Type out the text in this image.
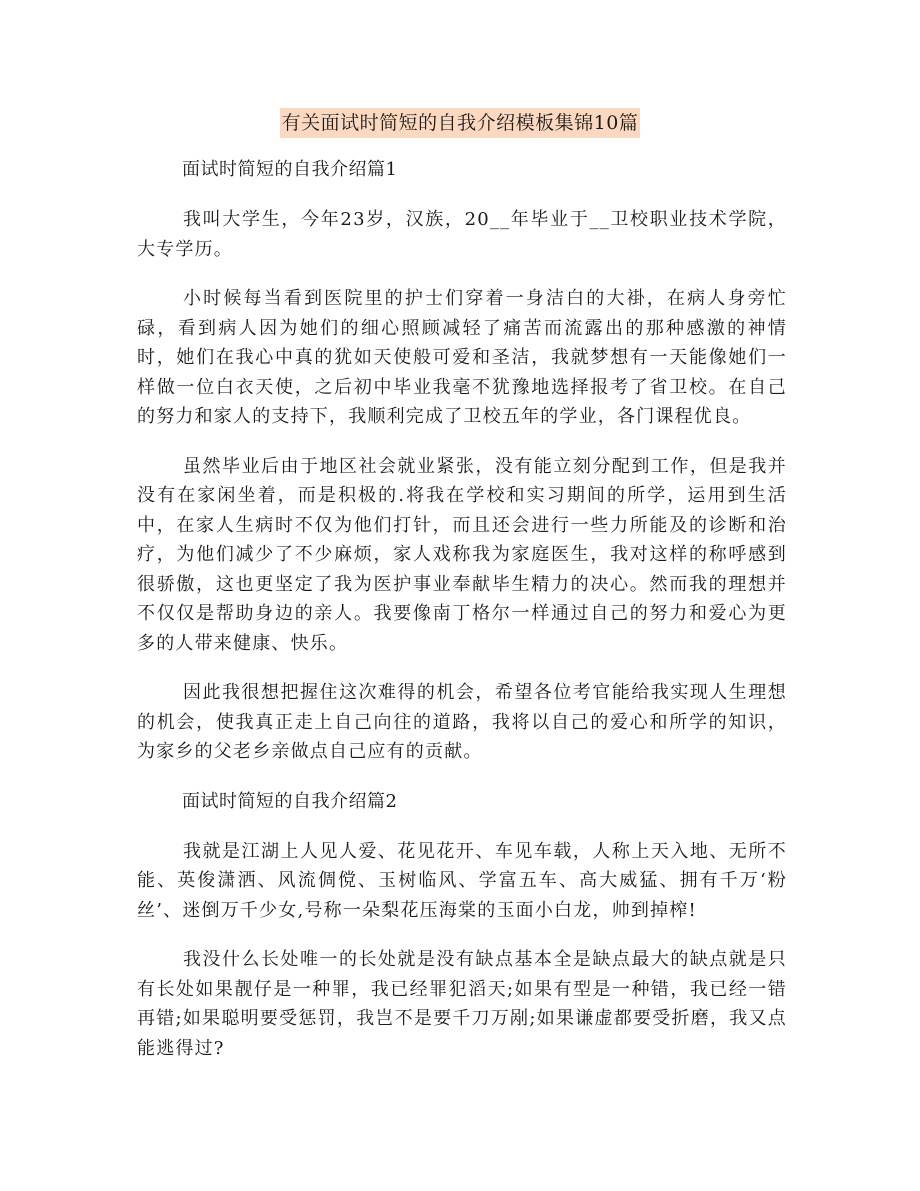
有关面试时简短的自我介绍模板集锦10篇
面试时简短的自我介绍篇1

我叫大学生，今年23岁，汉族，20__年毕业于__卫校职业技术学院，大专学历。

小时候每当看到医院里的护士们穿着一身洁白的大褂，在病人身旁忙碌，看到病人因为她们的细心照顾减轻了痛苦而流露出的那种感激的神情时，她们在我心中真的犹如天使般可爱和圣洁，我就梦想有一天能像她们一样做一位白衣天使，之后初中毕业我毫不犹豫地选择报考了省卫校。在自己的努力和家人的支持下，我顺利完成了卫校五年的学业，各门课程优良。

虽然毕业后由于地区社会就业紧张，没有能立刻分配到工作，但是我并没有在家闲坐着，而是积极的.将我在学校和实习期间的所学，运用到生活中，在家人生病时不仅为他们打针，而且还会进行一些力所能及的诊断和治疗，为他们减少了不少麻烦，家人戏称我为家庭医生，我对这样的称呼感到很骄傲，这也更坚定了我为医护事业奉献毕生精力的决心。然而我的理想并不仅仅是帮助身边的亲人。我要像南丁格尔一样通过自己的努力和爱心为更多的人带来健康、快乐。

因此我很想把握住这次难得的机会，希望各位考官能给我实现人生理想的机会，使我真正走上自己向往的道路，我将以自己的爱心和所学的知识，为家乡的父老乡亲做点自己应有的贡献。

面试时简短的自我介绍篇2

我就是江湖上人见人爱、花见花开、车见车载，人称上天入地、无所不能、英俊潇洒、风流倜傥、玉树临风、学富五车、高大威猛、拥有千万‘粉丝’、迷倒万千少女,号称一朵梨花压海棠的玉面小白龙，帅到掉榨!

我没什么长处唯一的长处就是没有缺点基本全是缺点最大的缺点就是只有长处如果靓仔是一种罪，我已经罪犯滔天;如果有型是一种错，我已经一错再错;如果聪明要受惩罚，我岂不是要千刀万剐;如果谦虚都要受折磨，我又点能逃得过?
